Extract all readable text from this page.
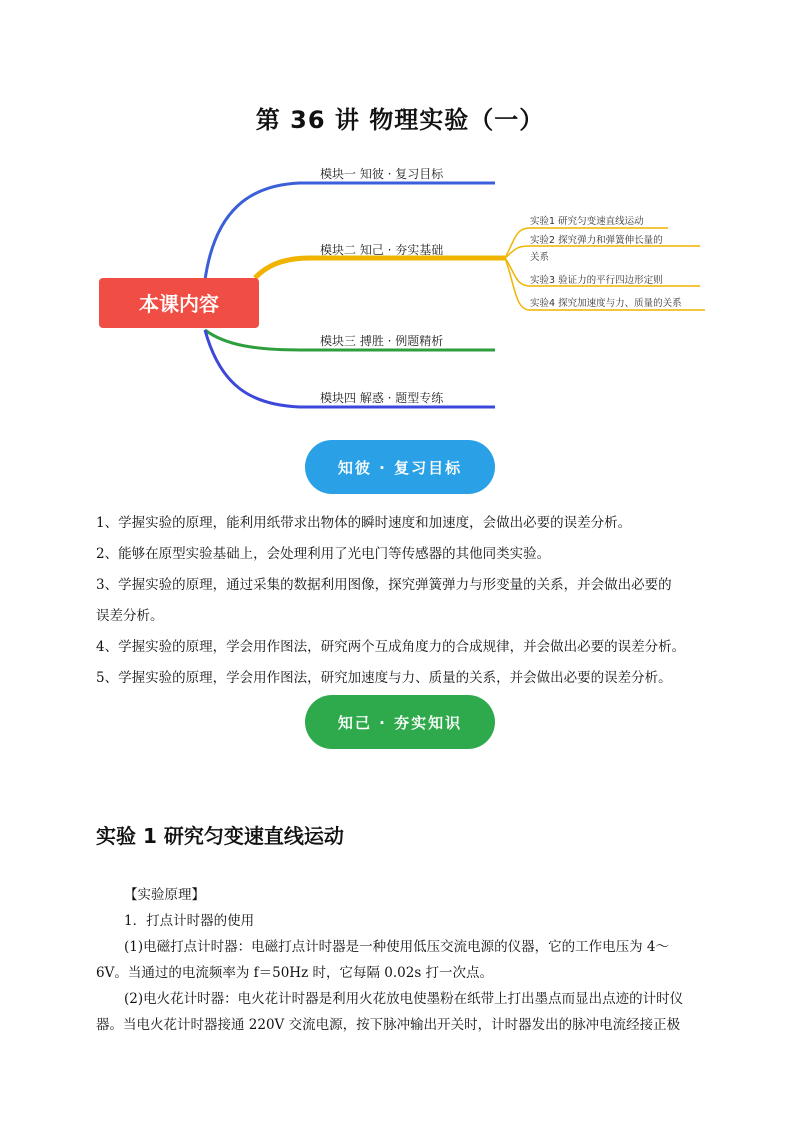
第 36 讲 物理实验（一）
本课内容
模块一 知彼 · 复习目标
模块二 知己 · 夯实基础
模块三 搏胜 · 例题精析
模块四 解惑 · 题型专练
实验1 研究匀变速直线运动
实验2 探究弹力和弹簧伸长量的
关系
实验3 验证力的平行四边形定则
实验4 探究加速度与力、质量的关系
知彼 · 复习目标
1、学握实验的原理，能利用纸带求出物体的瞬时速度和加速度，会做出必要的误差分析。
2、能够在原型实验基础上，会处理利用了光电门等传感器的其他同类实验。
3、学握实验的原理，通过采集的数据利用图像，探究弹簧弹力与形变量的关系，并会做出必要的
误差分析。
4、学握实验的原理，学会用作图法，研究两个互成角度力的合成规律，并会做出必要的误差分析。
5、学握实验的原理，学会用作图法，研究加速度与力、质量的关系，并会做出必要的误差分析。
知己 · 夯实知识
实验 1 研究匀变速直线运动

【实验原理】

1．打点计时器的使用

(1)电磁打点计时器：电磁打点计时器是一种使用低压交流电源的仪器，它的工作电压为 4～

6V。当通过的电流频率为 f＝50Hz 时，它每隔 0.02s 打一次点。

(2)电火花计时器：电火花计时器是利用火花放电使墨粉在纸带上打出墨点而显出点迹的计时仪

器。当电火花计时器接通 220V 交流电源，按下脉冲输出开关时，计时器发出的脉冲电流经接正极
